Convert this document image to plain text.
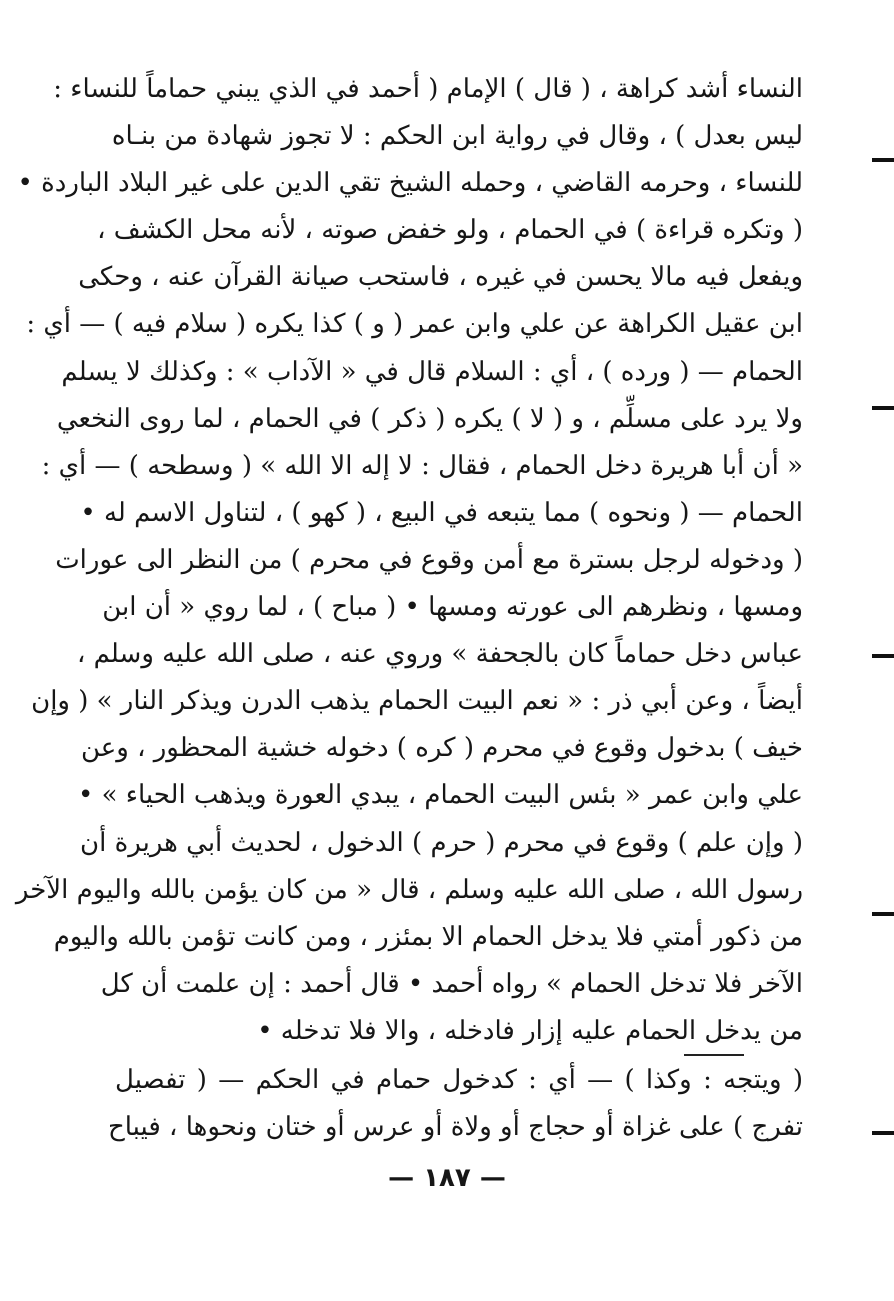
النساء أشد كراهة ، ( قال ) الإمام ( أحمد في الذي يبني حماماً للنساء :
ليس بعدل ) ، وقال في رواية ابن الحكم : لا تجوز شهادة من بنـاه
للنساء ، وحرمه القاضي ، وحمله الشيخ تقي الدين على غير البلاد الباردة •
( وتكره قراءة ) في الحمام ، ولو خفض صوته ، لأنه محل الكشف ،
ويفعل فيه مالا يحسن في غيره ، فاستحب صيانة القرآن عنه ، وحكى
ابن عقيل الكراهة عن علي وابن عمر ( و ) كذا يكره ( سلام فيه ) — أي :
الحمام — ( ورده ) ، أي : السلام قال في « الآداب » : وكذلك لا يسلم
ولا يرد على مسلِّم ، و ( لا ) يكره ( ذكر ) في الحمام ، لما روى النخعي
« أن أبا هريرة دخل الحمام ، فقال : لا إله الا الله » ( وسطحه ) — أي :
الحمام — ( ونحوه ) مما يتبعه في البيع ، ( كهو ) ، لتناول الاسم له •
( ودخوله لرجل بسترة مع أمن وقوع في محرم ) من النظر الى عورات
ومسها ، ونظرهم الى عورته ومسها • ( مباح ) ، لما روي « أن ابن
عباس دخل حماماً كان بالجحفة » وروي عنه ، صلى الله عليه وسلم ،
أيضاً ، وعن أبي ذر : « نعم البيت الحمام يذهب الدرن ويذكر النار » ( وإن
خيف ) بدخول وقوع في محرم ( كره ) دخوله خشية المحظور ، وعن
علي وابن عمر « بئس البيت الحمام ، يبدي العورة ويذهب الحياء » •
( وإن علم ) وقوع في محرم ( حرم ) الدخول ، لحديث أبي هريرة أن
رسول الله ، صلى الله عليه وسلم ، قال « من كان يؤمن بالله واليوم الآخر
من ذكور أمتي فلا يدخل الحمام الا بمئزر ، ومن كانت تؤمن بالله واليوم
الآخر فلا تدخل الحمام » رواه أحمد • قال أحمد : إن علمت أن كل
من يدخل الحمام عليه إزار فادخله ، والا فلا تدخله •
( ويتجه : وكذا ) — أي : كدخول حمام في الحكم — ( تفصيل
تفرج ) على غزاة أو حجاج أو ولاة أو عرس أو ختان ونحوها ، فيباح
— ١٨٧ —
